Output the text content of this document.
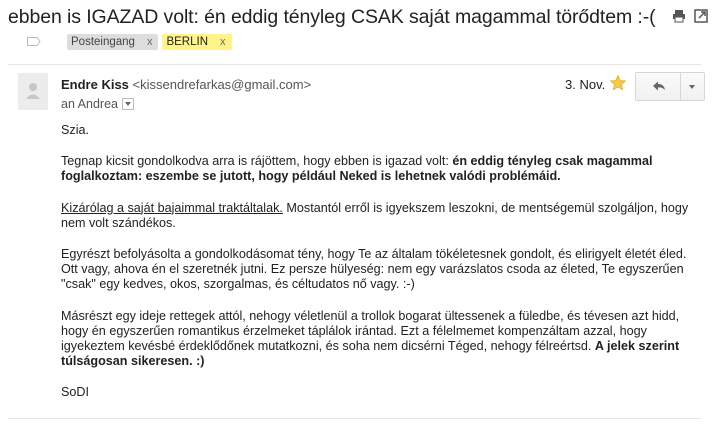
ebben is IGAZAD volt: én eddig tényleg CSAK saját magammal törődtem :-(
Posteingang x BERLIN x
Endre Kiss <kissendrefarkas@gmail.com>
an Andrea
3. Nov.

Szia.

Tegnap kicsit gondolkodva arra is rájöttem, hogy ebben is igazad volt: én eddig tényleg csak magammal foglalkoztam: eszembe se jutott, hogy például Neked is lehetnek valódi problémáid.

Kizárólag a saját bajaimmal traktáltalak. Mostantól erről is igyekszem leszokni, de mentségemül szolgáljon, hogy nem volt szándékos.

Egyrészt befolyásolta a gondolkodásomat tény, hogy Te az általam tökéletesnek gondolt, és elirigyelt életét éled. Ott vagy, ahova én el szeretnék jutni. Ez persze hülyeség: nem egy varázslatos csoda az életed, Te egyszerűen "csak" egy kedves, okos, szorgalmas, és céltudatos nő vagy. :-)

Másrészt egy ideje rettegek attól, nehogy véletlenül a trollok bogarat ültessenek a füledbe, és tévesen azt hidd, hogy én egyszerűen romantikus érzelmeket táplálok irántad. Ezt a félelmemet kompenzáltam azzal, hogy igyekeztem kevésbé érdeklődőnek mutatkozni, és soha nem dicsérni Téged, nehogy félreértsd. A jelek szerint túlságosan sikeresen. :)

SoDI
